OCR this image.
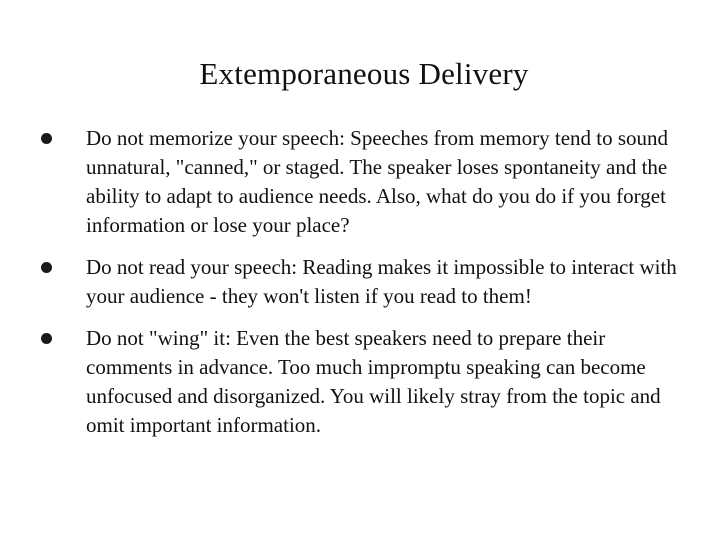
Extemporaneous Delivery
Do not memorize your speech: Speeches from memory tend to sound unnatural, "canned," or staged. The speaker loses spontaneity and the ability to adapt to audience needs. Also, what do you do if you forget information or lose your place?
Do not read your speech: Reading makes it impossible to interact with your audience - they won't listen if you read to them!
Do not "wing" it: Even the best speakers need to prepare their comments in advance. Too much impromptu speaking can become unfocused and disorganized. You will likely stray from the topic and omit important information.
